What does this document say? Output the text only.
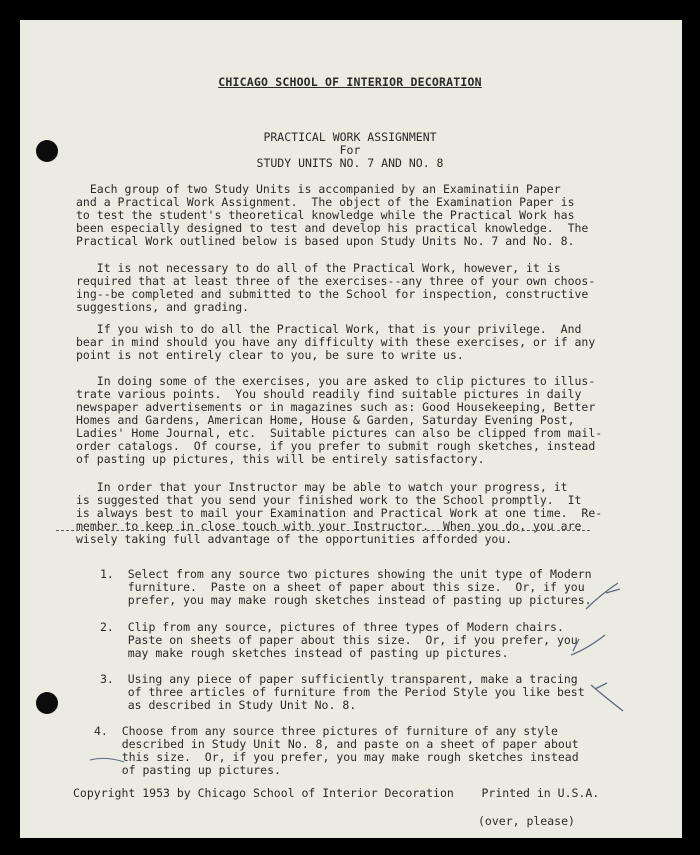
CHICAGO SCHOOL OF INTERIOR DECORATION
PRACTICAL WORK ASSIGNMENT
For
STUDY UNITS NO. 7 AND NO. 8
Each group of two Study Units is accompanied by an Examinatiin Paper
and a Practical Work Assignment.  The object of the Examination Paper is
to test the student's theoretical knowledge while the Practical Work has
been especially designed to test and develop his practical knowledge.  The
Practical Work outlined below is based upon Study Units No. 7 and No. 8.
It is not necessary to do all of the Practical Work, however, it is
required that at least three of the exercises--any three of your own choos-
ing--be completed and submitted to the School for inspection, constructive
suggestions, and grading.
If you wish to do all the Practical Work, that is your privilege.  And
bear in mind should you have any difficulty with these exercises, or if any
point is not entirely clear to you, be sure to write us.
In doing some of the exercises, you are asked to clip pictures to illus-
trate various points.  You should readily find suitable pictures in daily
newspaper advertisements or in magazines such as: Good Housekeeping, Better
Homes and Gardens, American Home, House & Garden, Saturday Evening Post,
Ladies' Home Journal, etc.  Suitable pictures can also be clipped from mail-
order catalogs.  Of course, if you prefer to submit rough sketches, instead
of pasting up pictures, this will be entirely satisfactory.
In order that your Instructor may be able to watch your progress, it
is suggested that you send your finished work to the School promptly.  It
is always best to mail your Examination and Practical Work at one time.  Re-
member to keep in close touch with your Instructor.  When you do, you are
wisely taking full advantage of the opportunities afforded you.
1.  Select from any source two pictures showing the unit type of Modern
furniture.  Paste on a sheet of paper about this size.  Or, if you
prefer, you may make rough sketches instead of pasting up pictures.
2.  Clip from any source, pictures of three types of Modern chairs.
Paste on sheets of paper about this size.  Or, if you prefer, you
may make rough sketches instead of pasting up pictures.
3.  Using any piece of paper sufficiently transparent, make a tracing
of three articles of furniture from the Period Style you like best
as described in Study Unit No. 8.
4.  Choose from any source three pictures of furniture of any style
described in Study Unit No. 8, and paste on a sheet of paper about
this size.  Or, if you prefer, you may make rough sketches instead
of pasting up pictures.
Copyright 1953 by Chicago School of Interior Decoration    Printed in U.S.A.
(over, please)
